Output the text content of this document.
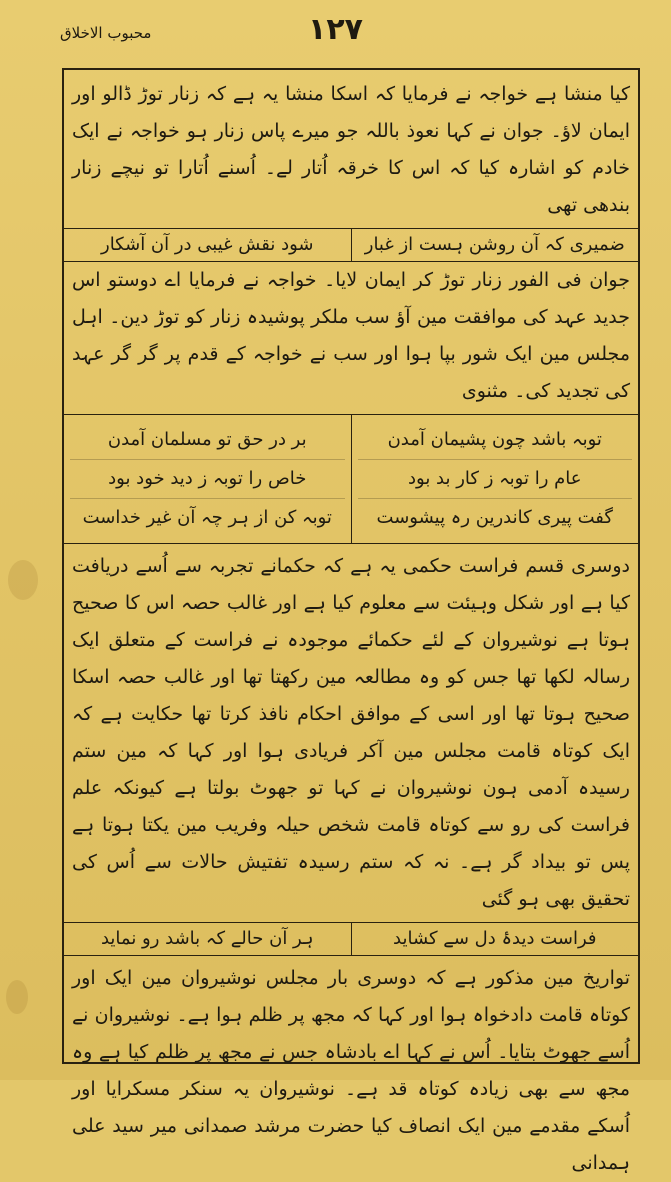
محبوب الاخلاق	۱۲۷
کیا منشا ہے خواجہ نے فرمایا کہ اسکا منشا یہ ہے کہ زنار توڑ ڈالو اور ایمان لاؤ۔ جوان نے کہا نعوذ باللہ جو میرے پاس زنار ہو خواجہ نے ایک خادم کو اشارہ کیا کہ اس کا خرقہ اُتار لے۔ اُسنے اُتارا تو نیچے زنار بندھی تھی
ضمیری کہ آن روشن ہست از غبار
شود نقش غیبی در آن آشکار
جوان فی الفور زنار توڑ کر ایمان لایا۔ خواجہ نے فرمایا اے دوستو اس جدید عہد کی موافقت مین آؤ سب ملکر پوشیدہ زنار کو توڑ دین۔ اہل مجلس مین ایک شور بپا ہوا اور سب نے خواجہ کے قدم پر گر گر عہد کی تجدید کی۔ مثنوی
توبہ باشد چون پشیمان آمدن
عام را توبہ ز کار بد بود
گفت پیری کاندرین رہ پیشوست
بر در حق تو مسلمان آمدن
خاص را توبہ ز دید خود بود
توبہ کن از ہر چہ آن غیر خداست
دوسری قسم فراست حکمی یہ ہے کہ حکمانے تجربہ سے اُسے دریافت کیا ہے اور شکل وہیئت سے معلوم کیا ہے اور غالب حصہ اس کا صحیح ہوتا ہے نوشیروان کے لئے حکمائے موجودہ نے فراست کے متعلق ایک رسالہ لکھا تھا جس کو وہ مطالعہ مین رکھتا تھا اور غالب حصہ اسکا صحیح ہوتا تھا اور اسی کے موافق احکام نافذ کرتا تھا حکایت ہے کہ ایک کوتاہ قامت مجلس مین آکر فریادی ہوا اور کہا کہ مین ستم رسیدہ آدمی ہون نوشیروان نے کہا تو جھوٹ بولتا ہے کیونکہ علم فراست کی رو سے کوتاہ قامت شخص حیلہ وفریب مین یکتا ہوتا ہے پس تو بیداد گر ہے۔ نہ کہ ستم رسیدہ تفتیش حالات سے اُس کی تحقیق بھی ہو گئی
فراست دیدۂ دل سے کشاید
ہر آن حالے کہ باشد رو نماید
تواریخ مین مذکور ہے کہ دوسری بار مجلس نوشیروان مین ایک اور کوتاہ قامت دادخواہ ہوا اور کہا کہ مجھ پر ظلم ہوا ہے۔ نوشیروان نے اُسے جھوٹ بتایا۔ اُس نے کہا اے بادشاہ جس نے مجھ پر ظلم کیا ہے وہ مجھ سے بھی زیادہ کوتاہ قد ہے۔ نوشیروان یہ سنکر مسکرایا اور اُسکے مقدمے مین ایک انصاف کیا حضرت مرشد صمدانی میر سید علی ہمدانی
